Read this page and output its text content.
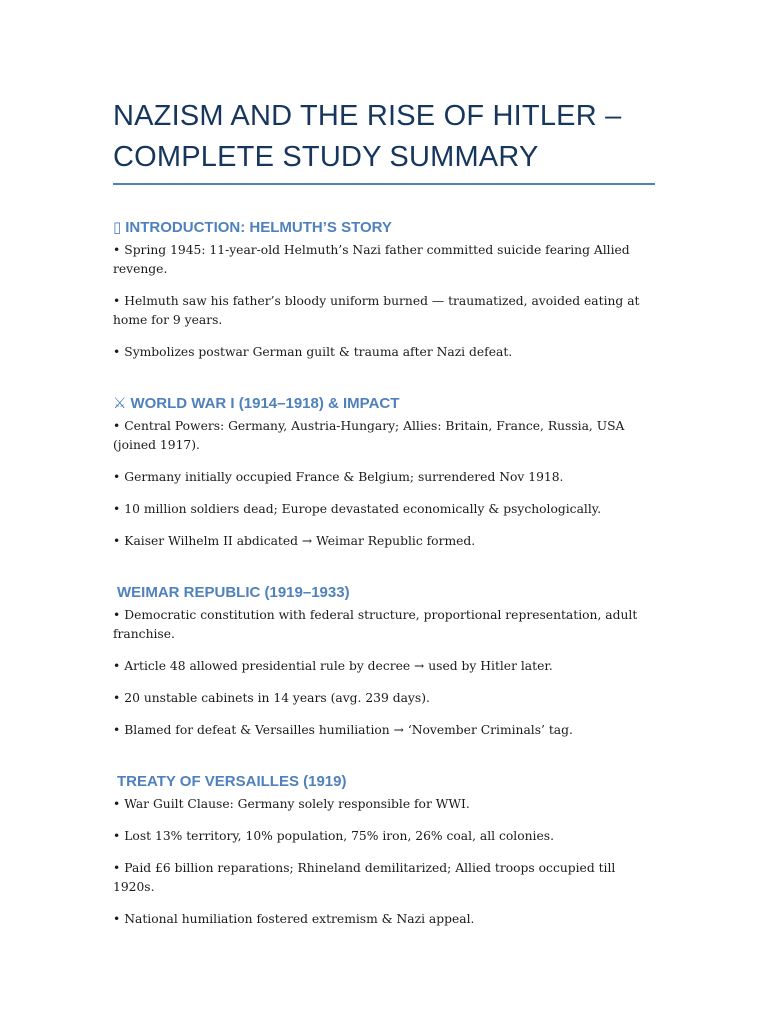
NAZISM AND THE RISE OF HITLER –
COMPLETE STUDY SUMMARY
▯ INTRODUCTION: HELMUTH’S STORY
• Spring 1945: 11-year-old Helmuth’s Nazi father committed suicide fearing Allied revenge.
• Helmuth saw his father’s bloody uniform burned — traumatized, avoided eating at home for 9 years.
• Symbolizes postwar German guilt & trauma after Nazi defeat.
⚔ WORLD WAR I (1914–1918) & IMPACT
• Central Powers: Germany, Austria-Hungary; Allies: Britain, France, Russia, USA (joined 1917).
• Germany initially occupied France & Belgium; surrendered Nov 1918.
• 10 million soldiers dead; Europe devastated economically & psychologically.
• Kaiser Wilhelm II abdicated → Weimar Republic formed.
WEIMAR REPUBLIC (1919–1933)
• Democratic constitution with federal structure, proportional representation, adult franchise.
• Article 48 allowed presidential rule by decree → used by Hitler later.
• 20 unstable cabinets in 14 years (avg. 239 days).
• Blamed for defeat & Versailles humiliation → ‘November Criminals’ tag.
TREATY OF VERSAILLES (1919)
• War Guilt Clause: Germany solely responsible for WWI.
• Lost 13% territory, 10% population, 75% iron, 26% coal, all colonies.
• Paid £6 billion reparations; Rhineland demilitarized; Allied troops occupied till 1920s.
• National humiliation fostered extremism & Nazi appeal.
